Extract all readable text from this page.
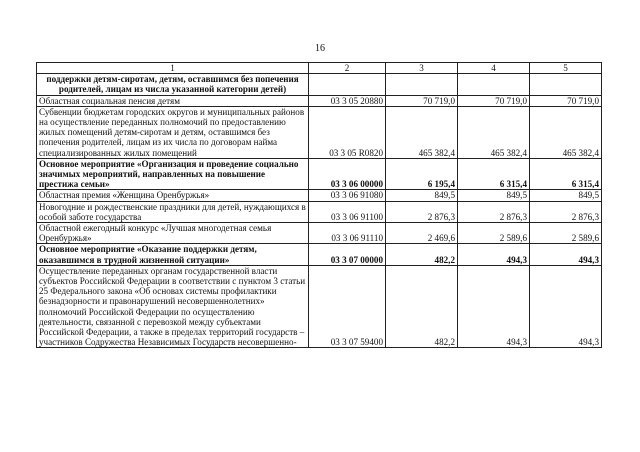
16
1	2	3	4	5
поддержки детям-сиротам, детям, оставшимся без попечения родителей, лицам из числа указанной категории детей)				
Областная социальная пенсия детям	03 3 05 20880	70 719,0	70 719,0	70 719,0
Субвенции бюджетам городских округов и муниципальных районов на осуществление переданных полномочий по предоставлению жилых помещений детям-сиротам и детям, оставшимся без попечения родителей, лицам из их числа по договорам найма специализированных жилых помещений	03 3 05 R0820	465 382,4	465 382,4	465 382,4
Основное мероприятие «Организация и проведение социально значимых мероприятий, направленных на повышение престижа семьи»	03 3 06 00000	6 195,4	6 315,4	6 315,4
Областная премия «Женщина Оренбуржья»	03 3 06 91080	849,5	849,5	849,5
Новогодние и рождественские праздники для детей, нуждающихся в особой заботе государства	03 3 06 91100	2 876,3	2 876,3	2 876,3
Областной ежегодный конкурс «Лучшая многодетная семья Оренбуржья»	03 3 06 91110	2 469,6	2 589,6	2 589,6
Основное мероприятие «Оказание поддержки детям, оказавшимся в трудной жизненной ситуации»	03 3 07 00000	482,2	494,3	494,3
Осуществление переданных органам государственной власти субъектов Российской Федерации в соответствии с пунктом 3 статьи 25 Федерального закона «Об основах системы профилактики безнадзорности и правонарушений несовершеннолетних» полномочий Российской Федерации по осуществлению деятельности, связанной с перевозкой между субъектами Российской Федерации, а также в пределах территорий государств – участников Содружества Независимых Государств несовершенно-	03 3 07 59400	482,2	494,3	494,3
